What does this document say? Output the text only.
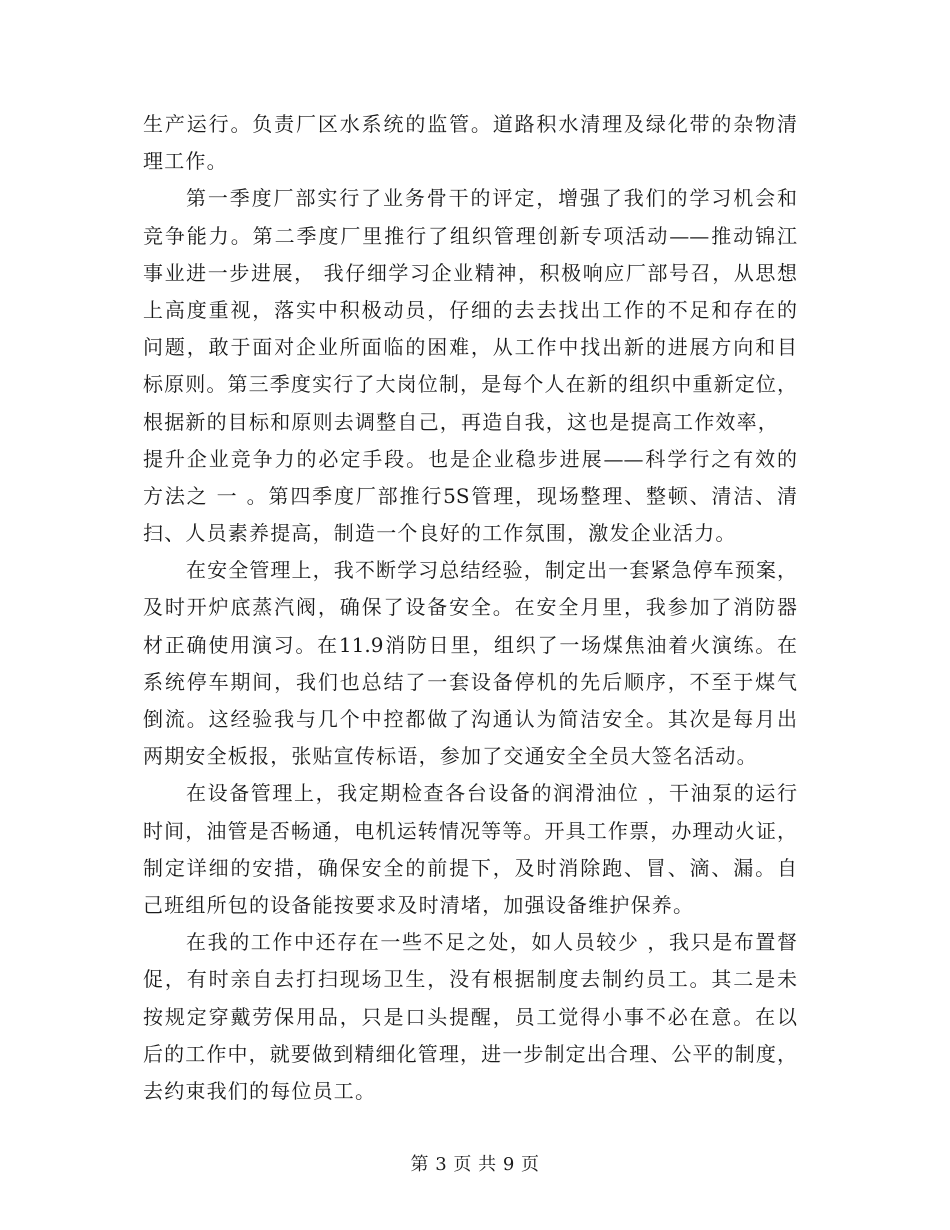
生产运行。负责厂区水系统的监管。道路积水清理及绿化带的杂物清
理工作。
第一季度厂部实行了业务骨干的评定，增强了我们的学习机会和
竞争能力。第二季度厂里推行了组织管理创新专项活动——推动锦江
事业进一步进展， 我仔细学习企业精神，积极响应厂部号召，从思想
上高度重视，落实中积极动员，仔细的去去找出工作的不足和存在的
问题，敢于面对企业所面临的困难，从工作中找出新的进展方向和目
标原则。第三季度实行了大岗位制，是每个人在新的组织中重新定位，
根据新的目标和原则去调整自己，再造自我，这也是提高工作效率，
提升企业竞争力的必定手段。也是企业稳步进展——科学行之有效的
方法之 一 。第四季度厂部推行5S管理，现场整理、整顿、清洁、清
扫、人员素养提高，制造一个良好的工作氛围，激发企业活力。
在安全管理上，我不断学习总结经验，制定出一套紧急停车预案，
及时开炉底蒸汽阀，确保了设备安全。在安全月里，我参加了消防器
材正确使用演习。在11.9消防日里，组织了一场煤焦油着火演练。在
系统停车期间，我们也总结了一套设备停机的先后顺序，不至于煤气
倒流。这经验我与几个中控都做了沟通认为简洁安全。其次是每月出
两期安全板报，张贴宣传标语，参加了交通安全全员大签名活动。
在设备管理上，我定期检查各台设备的润滑油位 ，干油泵的运行
时间，油管是否畅通，电机运转情况等等。开具工作票，办理动火证，
制定详细的安措，确保安全的前提下，及时消除跑、冒、滴、漏。自
己班组所包的设备能按要求及时清堵，加强设备维护保养。
在我的工作中还存在一些不足之处，如人员较少 ，我只是布置督
促，有时亲自去打扫现场卫生，没有根据制度去制约员工。其二是未
按规定穿戴劳保用品，只是口头提醒，员工觉得小事不必在意。在以
后的工作中，就要做到精细化管理，进一步制定出合理、公平的制度，
去约束我们的每位员工。
第 3 页 共 9 页
